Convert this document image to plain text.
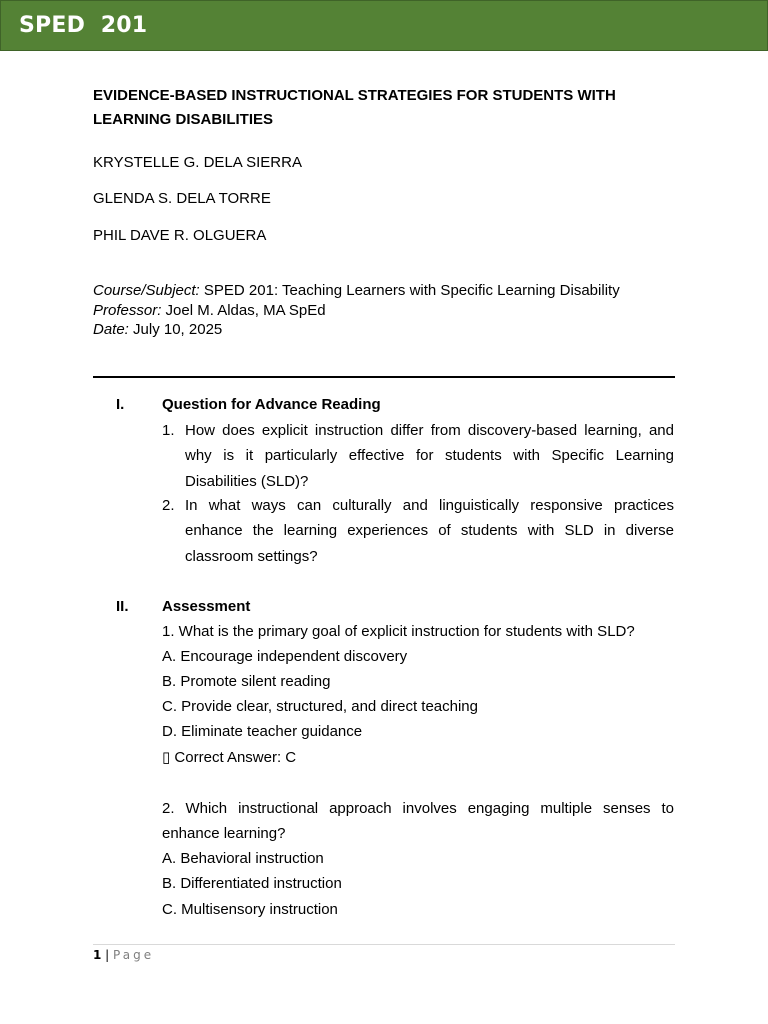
SPED  201
EVIDENCE-BASED INSTRUCTIONAL STRATEGIES FOR STUDENTS WITH LEARNING DISABILITIES
KRYSTELLE G. DELA SIERRA
GLENDA S. DELA TORRE
PHIL DAVE R. OLGUERA
Course/Subject: SPED 201: Teaching Learners with Specific Learning Disability
Professor: Joel M. Aldas, MA SpEd
Date: July 10, 2025
I.	Question for Advance Reading
1. How does explicit instruction differ from discovery-based learning, and why is it particularly effective for students with Specific Learning Disabilities (SLD)?
2. In what ways can culturally and linguistically responsive practices enhance the learning experiences of students with SLD in diverse classroom settings?
II. Assessment
1. What is the primary goal of explicit instruction for students with SLD?
A. Encourage independent discovery
B. Promote silent reading
C. Provide clear, structured, and direct teaching
D. Eliminate teacher guidance
▯ Correct Answer: C
2. Which instructional approach involves engaging multiple senses to enhance learning?
A. Behavioral instruction
B. Differentiated instruction
C. Multisensory instruction
1 | Page
